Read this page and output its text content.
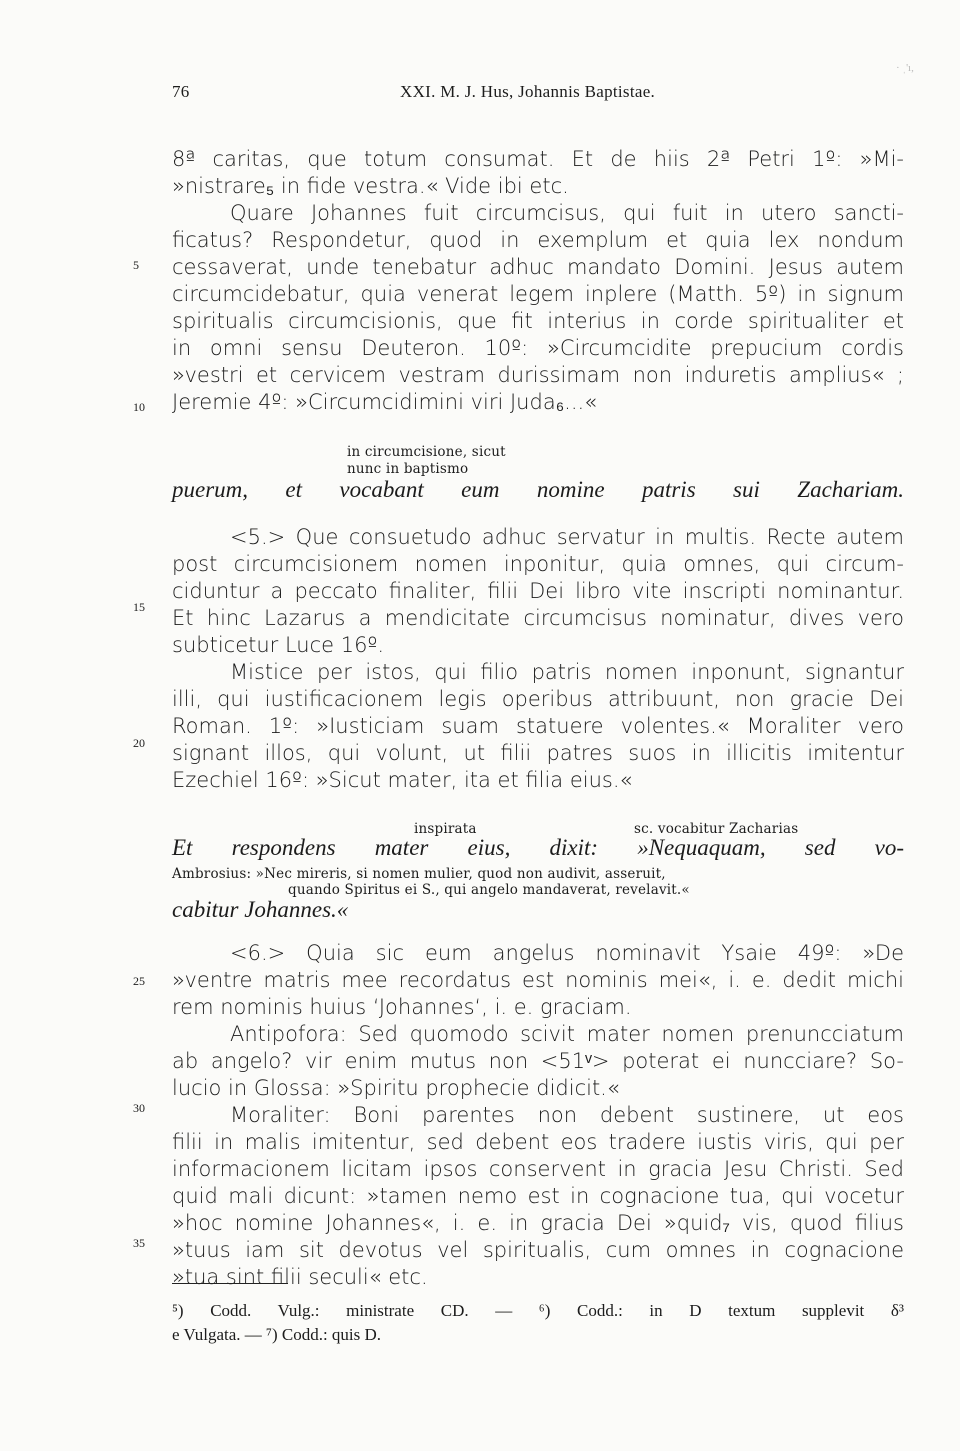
· ˌ'ı,
76	XXI. M. J. Hus, Johannis Baptistae.
8ª caritas, que totum consumat. Et de hiis 2ª Petri 1º: »Mi-
»nistrare₅ in fide vestra.« Vide ibi etc.
Quare Johannes fuit circumcisus, qui fuit in utero sancti-
ficatus? Respondetur, quod in exemplum et quia lex nondum
cessaverat, unde tenebatur adhuc mandato Domini. Jesus autem
circumcidebatur, quia venerat legem inplere (Matth. 5º) in signum
spiritualis circumcisionis, que fit interius in corde spiritualiter et
in omni sensu Deuteron. 10º: »Circumcidite prepucium cordis
»vestri et cervicem vestram durissimam non induretis amplius« ;
Jeremie 4º: »Circumcidimini viri Juda₆...«
in circumcisione, sicut
nunc in baptismo
puerum, et vocabant eum nomine patris sui Zachariam.
<5.> Que consuetudo adhuc servatur in multis. Recte autem
post circumcisionem nomen inponitur, quia omnes, qui circum-
ciduntur a peccato finaliter, filii Dei libro vite inscripti nominantur.
Et hinc Lazarus a mendicitate circumcisus nominatur, dives vero
subticetur Luce 16º.
Mistice per istos, qui filio patris nomen inponunt, signantur
illi, qui iustificacionem legis operibus attribuunt, non gracie Dei
Roman. 1º: »Iusticiam suam statuere volentes.« Moraliter vero
signant illos, qui volunt, ut filii patres suos in illicitis imitentur
Ezechiel 16º: »Sicut mater, ita et filia eius.«
inspirata	sc. vocabitur Zacharias
Et respondens mater eius, dixit: »Nequaquam, sed vo-
Ambrosius: »Nec mireris, si nomen mulier, quod non audivit, asseruit,
quando Spiritus ei S., qui angelo mandaverat, revelavit.«
cabitur Johannes.«
<6.> Quia sic eum angelus nominavit Ysaie 49º: »De
»ventre matris mee recordatus est nominis mei«, i. e. dedit michi
rem nominis huius ‘Johannes‘, i. e. graciam.
Antipofora: Sed quomodo scivit mater nomen prenuncciatum
ab angelo? vir enim mutus non <51ᵛ> poterat ei nuncciare? So-
lucio in Glossa: »Spiritu prophecie didicit.«
Moraliter: Boni parentes non debent sustinere, ut eos
filii in malis imitentur, sed debent eos tradere iustis viris, qui per
informacionem licitam ipsos conservent in gracia Jesu Christi. Sed
quid mali dicunt: »tamen nemo est in cognacione tua, qui vocetur
»hoc nomine Johannes«, i. e. in gracia Dei »quid₇ vis, quod filius
»tuus iam sit devotus vel spiritualis, cum omnes in cognacione
»tua sint filii seculi« etc.
5
10
15
20
25
30
35
⁵) Codd. Vulg.: ministrate CD. — ⁶) Codd.: in D textum supplevit δ³
e Vulgata. — ⁷) Codd.: quis D.
